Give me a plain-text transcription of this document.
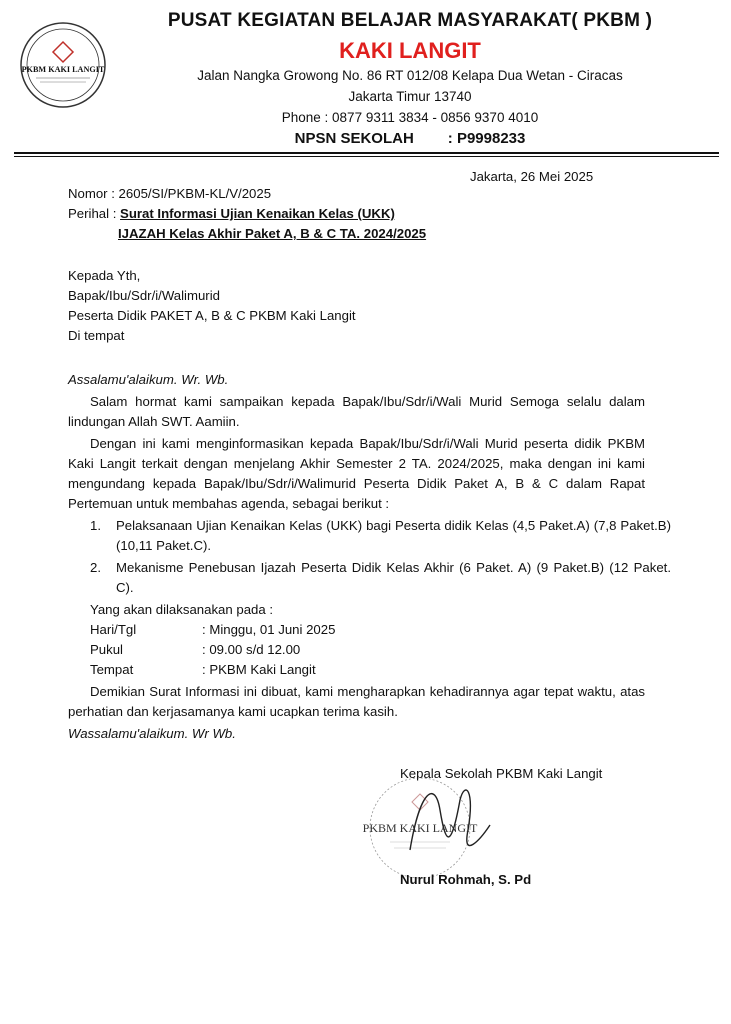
PKBM KAKI LANGIT
PUSAT KEGIATAN BELAJAR MASYARAKAT( PKBM )
KAKI LANGIT
Jalan Nangka Growong No. 86 RT 012/08 Kelapa Dua Wetan - Ciracas
Jakarta Timur 13740
Phone : 0877 9311 3834 - 0856 9370 4010
NPSN SEKOLAH : P9998233
Jakarta, 26 Mei 2025
Nomor : 2605/SI/PKBM-KL/V/2025
Perihal : Surat Informasi Ujian Kenaikan Kelas (UKK)
IJAZAH Kelas Akhir Paket A, B & C TA. 2024/2025
Kepada Yth,
Bapak/Ibu/Sdr/i/Walimurid
Peserta Didik PAKET A, B & C PKBM Kaki Langit
Di tempat
Assalamu'alaikum. Wr. Wb.
Salam hormat kami sampaikan kepada Bapak/Ibu/Sdr/i/Wali Murid Semoga selalu dalam lindungan Allah SWT. Aamiin.
Dengan ini kami menginformasikan kepada Bapak/Ibu/Sdr/i/Wali Murid peserta didik PKBM Kaki Langit terkait dengan menjelang Akhir Semester 2 TA. 2024/2025, maka dengan ini kami mengundang kepada Bapak/Ibu/Sdr/i/Walimurid Peserta Didik Paket A, B & C dalam Rapat Pertemuan untuk membahas agenda, sebagai berikut :
1. Pelaksanaan Ujian Kenaikan Kelas (UKK) bagi Peserta didik Kelas (4,5 Paket.A) (7,8 Paket.B) (10,11 Paket.C).
2. Mekanisme Penebusan Ijazah Peserta Didik Kelas Akhir (6 Paket. A) (9 Paket.B) (12 Paket. C).
Yang akan dilaksanakan pada :
Hari/Tgl	: Minggu, 01 Juni 2025
Pukul	: 09.00 s/d 12.00
Tempat	: PKBM Kaki Langit
Demikian Surat Informasi ini dibuat, kami mengharapkan kehadirannya agar tepat waktu, atas perhatian dan kerjasamanya kami ucapkan terima kasih.
Wassalamu'alaikum. Wr Wb.
PKBM KAKI LANGIT
Kepala Sekolah PKBM Kaki Langit
Nurul Rohmah, S. Pd
